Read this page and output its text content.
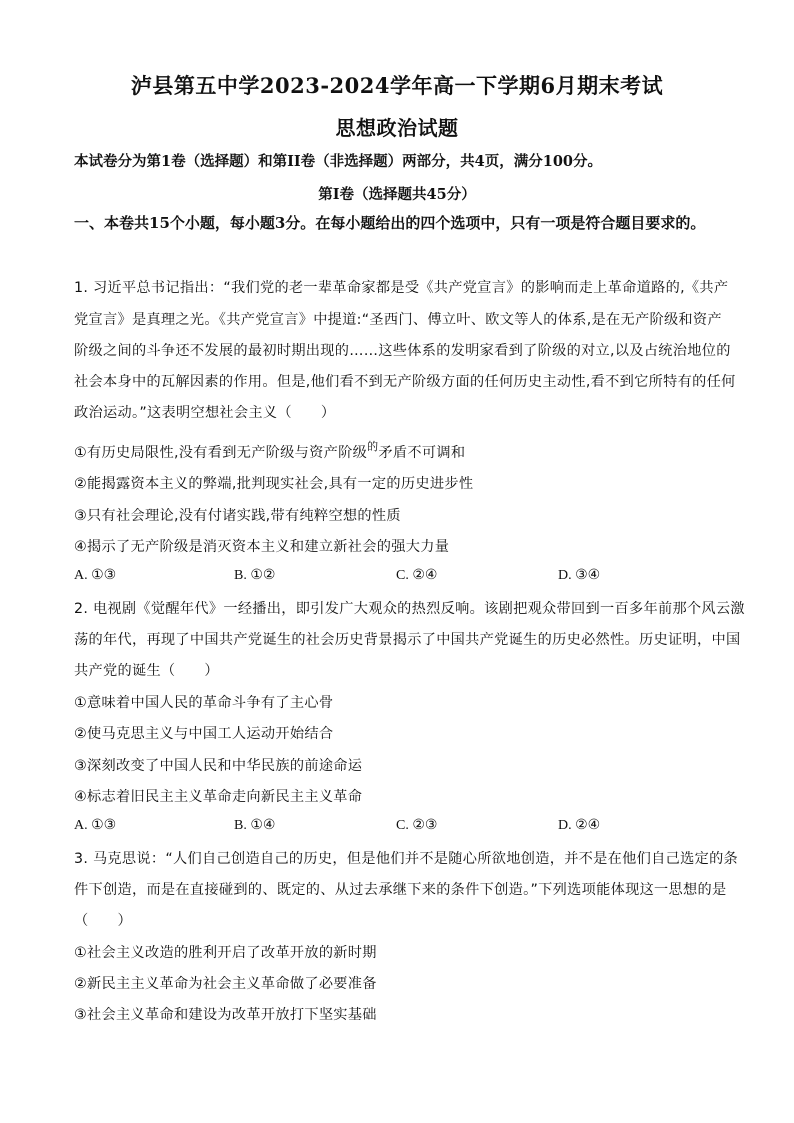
泸县第五中学2023-2024学年高一下学期6月期末考试
思想政治试题
本试卷分为第1卷（选择题）和第II卷（非选择题）两部分，共4页，满分100分。
第I卷（选择题共45分）
一、本卷共15个小题，每小题3分。在每小题给出的四个选项中，只有一项是符合题目要求的。
1. 习近平总书记指出：“我们党的老一辈革命家都是受《共产党宣言》的影响而走上革命道路的,《共产
党宣言》是真理之光。《共产党宣言》中提道:“圣西门、傅立叶、欧文等人的体系,是在无产阶级和资产
阶级之间的斗争还不发展的最初时期出现的……这些体系的发明家看到了阶级的对立,以及占统治地位的
社会本身中的瓦解因素的作用。但是,他们看不到无产阶级方面的任何历史主动性,看不到它所特有的任何
政治运动。”这表明空想社会主义（　　）
①有历史局限性,没有看到无产阶级与资产阶级$^的$矛盾不可调和
②能揭露资本主义的弊端,批判现实社会,具有一定的历史进步性
③只有社会理论,没有付诸实践,带有纯粹空想的性质
④揭示了无产阶级是消灭资本主义和建立新社会的强大力量
A. ①③	B. ①②	C. ②④	D. ③④
2. 电视剧《觉醒年代》一经播出，即引发广大观众的热烈反响。该剧把观众带回到一百多年前那个风云激
荡的年代，再现了中国共产党诞生的社会历史背景揭示了中国共产党诞生的历史必然性。历史证明，中国
共产党的诞生（　　）
①意味着中国人民的革命斗争有了主心骨
②使马克思主义与中国工人运动开始结合
③深刻改变了中国人民和中华民族的前途命运
④标志着旧民主主义革命走向新民主主义革命
A. ①③	B. ①④	C. ②③	D. ②④
3. 马克思说：“人们自己创造自己的历史，但是他们并不是随心所欲地创造，并不是在他们自己选定的条
件下创造，而是在直接碰到的、既定的、从过去承继下来的条件下创造。”下列选项能体现这一思想的是
（　　）
①社会主义改造的胜利开启了改革开放的新时期
②新民主主义革命为社会主义革命做了必要准备
③社会主义革命和建设为改革开放打下坚实基础
